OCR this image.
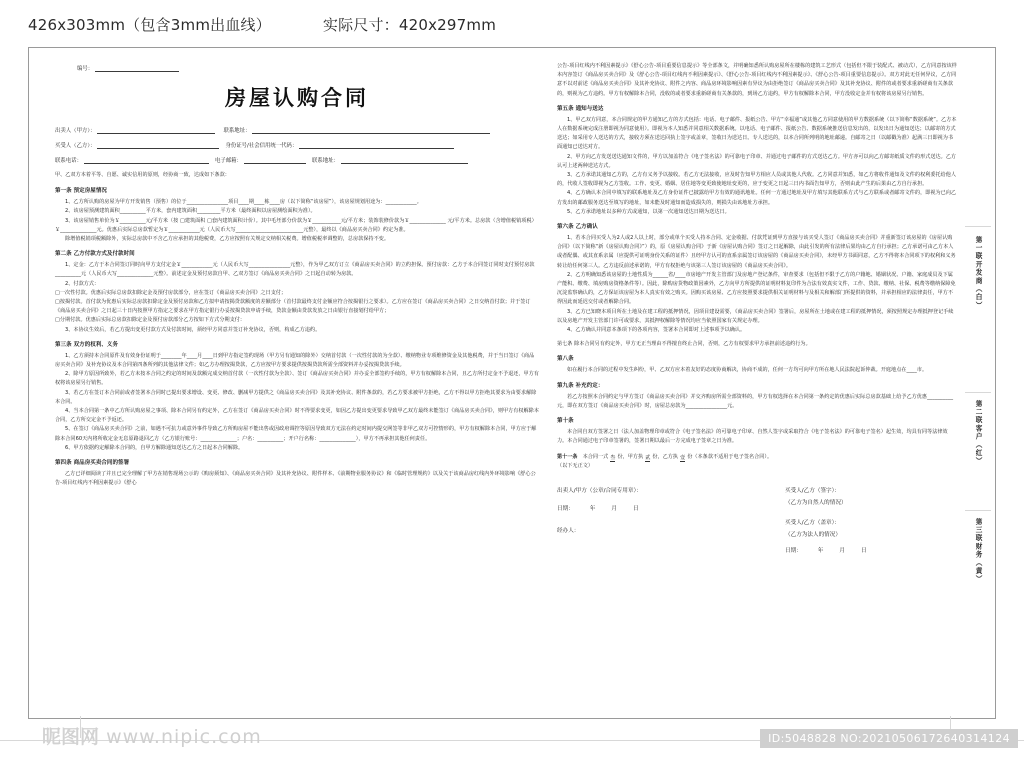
426x303mm（包含3mm出血线）	实际尺寸：420x297mm
编号：
房屋认购合同
出卖人（甲方）：	联系地址：
买受人（乙方）：	身份证号/社会信用统一代码：
联系电话：	电子邮箱：	联系地址：
甲、乙双方本着平等、自愿、诚实信用的原则，经协商一致，达成如下条款：
第一条 预定房屋情况
1、乙方所认购的房屋为甲方开发销售（预售）的位于________________项目____期____栋____房（以下简称“该房屋”），该房屋规划用途为：____________。
2、该房屋预测建筑面积__________平方米，套内建筑面积_________平方米（最终面积以房屋测绘面积为准）。
3、该房屋销售单价为￥__________元/平方米（按 □建筑面积 □套内建筑面积计价）。其中毛坯部分价款为￥___________元/平方米；装饰装修价款为￥______________ 元/平方米。总房款（含增值税销项税）￥______________元。优惠后实际总房款暂定为￥____________元（人民币大写__________________________元整），最终以《商品房买卖合同》约定为准。
除增值税销项税额除外，实际总房款中不含乙方应承担的其他税费，乙方应按照有关规定交纳相关税费。增值税税率调整的，总房款保持不变。
第二条 乙方付款方式及付款时间
1、定金：乙方于本合同签订同时向甲方支付定金￥____________元（人民币大写________________元整），作为甲乙双方订立《商品房买卖合同》的立约担保。预付房款：乙方于本合同签订同时支付预付房款__________元（人民币大写______________元整）。前述定金及预付房款自甲、乙双方签订《商品房买卖合同》之日起自动转为房款。
2、付款方式：
□一次性付款。优惠后实际总房款扣除定金及预付房款部分，应在签订《商品房买卖合同》之日支付；
□按揭付款。首付款为优惠后实际总房款扣除定金及预付房款和乙方拟申请按揭贷款额度的差额部分（首付款最终支付金额应符合按揭银行之要求）。乙方应在签订《商品房买卖合同》之日交纳首付款；并于签订《商品房买卖合同》之日起三十日内按照甲方指定之要求在甲方指定银行办妥按揭贷款申请手续，贷款金额由贷款发放之日由银行直接划付给甲方；
□分期付款。优惠后实际总房款扣除定金及预付房款部分乙方按如下方式分期支付：
3、本协议生效后，若乙方提出变更付款方式及付款时间，须经甲方同意并签订补充协议，否则，构成乙方违约。
第三条 双方的权利、义务
1、乙方须持本合同原件及有效身份证明于________年____月____日到甲方指定签约现场（甲方另有通知的除外）交纳首付款（一次性付款的为全款）、缴纳物业专项维修资金及其他税费，并于当日签订《商品房买卖合同》及补充协议及本合同第四条所列的其他法律文件；如乙方办理按揭贷款，乙方应按甲方要求提供按揭贷款所需全部资料并办妥按揭贷款手续。
2、除甲方原因所致外，若乙方未按本合同之约定的时间及款额完成交纳首付款（一次性付款为全款）、签订《商品房买卖合同》并办妥全部签约手续的，甲方有权解除本合同，且乙方所付定金不予退还，甲方有权将该房屋另行销售。
3、若乙方在签订本合同前或者签署本合同时已提出要求增设、变更、修改、删减甲方提供之《商品房买卖合同》及其补充协议、附件条款的，若乙方要求被甲方拒绝，乙方不得以甲方拒绝其要求为由要求解除本合同。
4、当本合同第一条中乙方所认购房屋之事项、除本合同另有约定外，乙方在签订《商品房买卖合同》时不得要求变更，如因乙方提出变更要求导致甲乙双方最终未能签订《商品房买卖合同》，则甲方有权解除本合同，乙方所交定金不予返还。
5、在签订《商品房买卖合同》之前，如遇不可抗力或意外事件导致乙方所购房屋不能出售或因政府调控等原因导致双方无法在约定时间内提交网签等非甲乙双方可控情形的，甲方有权解除本合同，甲方应于解除本合同60天内将所收定金无息原路退回乙方（乙方银行账号：______________；户名：__________；开户行名称：______________），甲方不再承担其他任何责任。
6、甲方依据约定解除本合同的，自甲方解除通知送达乙方之日起本合同解除。
第四条 商品房买卖合同的签署
乙方已详细阅读了并且已完全理解了甲方在销售现场公示的《购房须知》、《商品房买卖合同》及其补充协议、附件样本、《前期物业服务协议》和《临时管理规约》以及关于该商品房红线内外环境影响《舒心公告-项目红线内不利因素提示》《舒心
公告-项目红线内不利因素提示》《舒心公告-项目重要信息提示》等全部条文，并明确知悉所认购房屋所在楼栋的建筑工艺形式（包括但不限于装配式、被动式），乙方同意按该样本内容签订《商品房买卖合同》及《舒心公告-项目红线内不利因素提示》、《舒心公告-项目红线内不利因素提示》、《舒心公告-项目重要信息提示》。双方对此无任何异议，乙方同意不以对前述《商品房买卖合同》及其补充协议、附件之内容、商品房环境影响因素有异议为由拒绝签订《商品房买卖合同》及其补充协议、附件的或者要求重新磋商有关条款的，则视为乙方违约。甲方有权解除本合同，没收的或者要求重新磋商有关条款的，到场乙方违约，甲方有权解除本合同，甲方没收定金并有权将该房屋另行销售。
第五条 通知与送达
1、甲乙双方同意，本合同规定的甲方通知乙方的方式包括：电话、电子邮件、报纸公告、甲方“幸福通”或其他乙方同意使用的甲方数据系统（以下简称“数据系统”。乙方本人在数据系统完成注册即视为同意使用）。即视为本人知悉并同意相关数据系统。以电话、电子邮件、报纸公告、数据系统推送信息发出的，以发出日为通知送达；以邮寄的方式送达；如采用专人送达的方式，接收方须在送达回执上签字或盖章，签收日为送达日。专人送达的，以本合同所列明的地址邮递。自邮寄之日（以邮戳为准）起满三日即视为书面通知已送达对方。
2、甲方向乙方发送送达通知文件的，甲方以加盖符合《电子签名法》的可靠电子印章、并通过电子邮件的方式送达乙方。甲方亦可以向乙方邮寄纸质文件的形式送达。乙方认可上述两种送达方式。
3、乙方承诺其通知乙方的，乙方有义务予以接收。若乙方无法接收，应及时告知甲方相应人员或其他人代收。乙方同意并知悉，如乙方将收件通知及文件的权利委托给他人的，代收人签收即视为乙方签收。工作、变更、婚姻、居住地等变更致使地址变更的，应于变更之日起三日内书面告知甲方，否则由此产生的后果由乙方自行承担。
4、乙方确认本合同中填写的联系地址及乙方身份证件已披露给甲方有效的通讯地址。任何一方通过地址及甲方填写其他联系方式与乙方联系或者邮寄文件的，即视为已向乙方发出的邮政服务送达至填写的地址，如未能及时通知而造成损失的，则损失由该地址方承担。
5、乙方承诺地址以多种方式或通知，以第一次通知送达日期为送达日。
第六条 乙方确认
1、若本合同买受人为2人或2人以上时，部分或单个买受人持本合同、定金收据、付款凭证到甲方直接与该买受人签订《商品房买卖合同》并重新签订该房屋的《房屋认购合同》（以下简称“新《房屋认购合同》”）的，原《房屋认购合同》于新《房屋认购合同》签订之日起解除，由此引发的所有法律后果均由乙方自行承担；乙方承诺可由乙方本人或者配偶、或其直系亲属（应提供可证明身份关系的证件）且经甲方认可的直系亲属签订该房屋的《商品房买卖合同》，未经甲方书面同意，乙方不得将本合同项下的权利和义务转让给任何第三人。乙方违反前述承诺的，甲方有权拒绝与该第三人签订该房屋的《商品房买卖合同》。
2、乙方明确知悉该房屋的土地性质为______省/____市房地产开发主管部门及房地产登记条件，审查要求（包括但不限于乙方的户籍地、婚姻状况、户籍、家庭成员及下属产能积、缴费、填房购房资格条件等）。因此，除购房货物政策因素外，乙方向甲方所提供的证明材料复印件为合法有效真实文件，工作、贷款、缴纳、社保、税费等缴纳保障免沉淀监察确认的，乙方保证该房屋为本人真实有效之购买。因购买该房屋、乙方应按照要求提供相关证明材料与及相关和解部门所提供的资料，并承担相应的法律责任，甲方不得因此而延迟交付或者解除合同。
3、乙方已知晓本项目所在土地及在建工程的抵押情况，因项目建设需要，《商品房买卖合同》签署后，房屋所在土地或在建工程的抵押情况，须按照规定办理抵押登记手续以及房地产开发主管部门许可或要求，其抵押权解除等情况均应当依照国家有关规定办理。
4、乙方确认并同意本条项下的各项内容，签署本合同即对上述事项予以确认。
第七条 除本合同另有约定外，甲方无正当理由不得擅自终止合同，否则，乙方有权要求甲方承担前述违约行为。
第八条
如在履行本合同的过程中发生纠纷，甲、乙双方应本着友好的态度协商解决，协商不成的，任何一方均可向甲方所在地人民法院起诉仲裁。开庭地点在____市。
第九条 补充约定：
若乙方按照本合同约定与甲方签订《商品房买卖合同》并交齐购房所需全部资料的，甲方有权选择在本合同第一条约定的优惠后实际总房款基础上给予乙方优惠__________元，即在双方签订《商品房买卖合同》时，房屋总房款为________________元。
第十条
本合同自双方签署之日（法人加盖物理印章或符合《电子签名法》的可靠电子印章、自然人签字或采取符合《电子签名法》的可靠电子签名）起生效，均具有同等法律效力。本合同通过电子印章签署的，签署日期以最后一方完成电子签章之日为准。
第十一条 本合同一式 叁 份，甲方执 贰 份，乙方执 壹 份（本条款不适用于电子签名合同）。
（以下无正文）
出卖人/甲方（公章/合同专用章）：
日期：	年	月	日
经办人：
买受人/乙方（签字）：
（乙方为自然人的情况）
买受人/乙方（盖章）：
（乙方为法人的情况）
日期：	年	月	日
第一联开发商（白）
第二联客户（红）
第三联财务（黄）
昵图网 www.nipic.com	ID:5048828 NO:20210506172640314124
